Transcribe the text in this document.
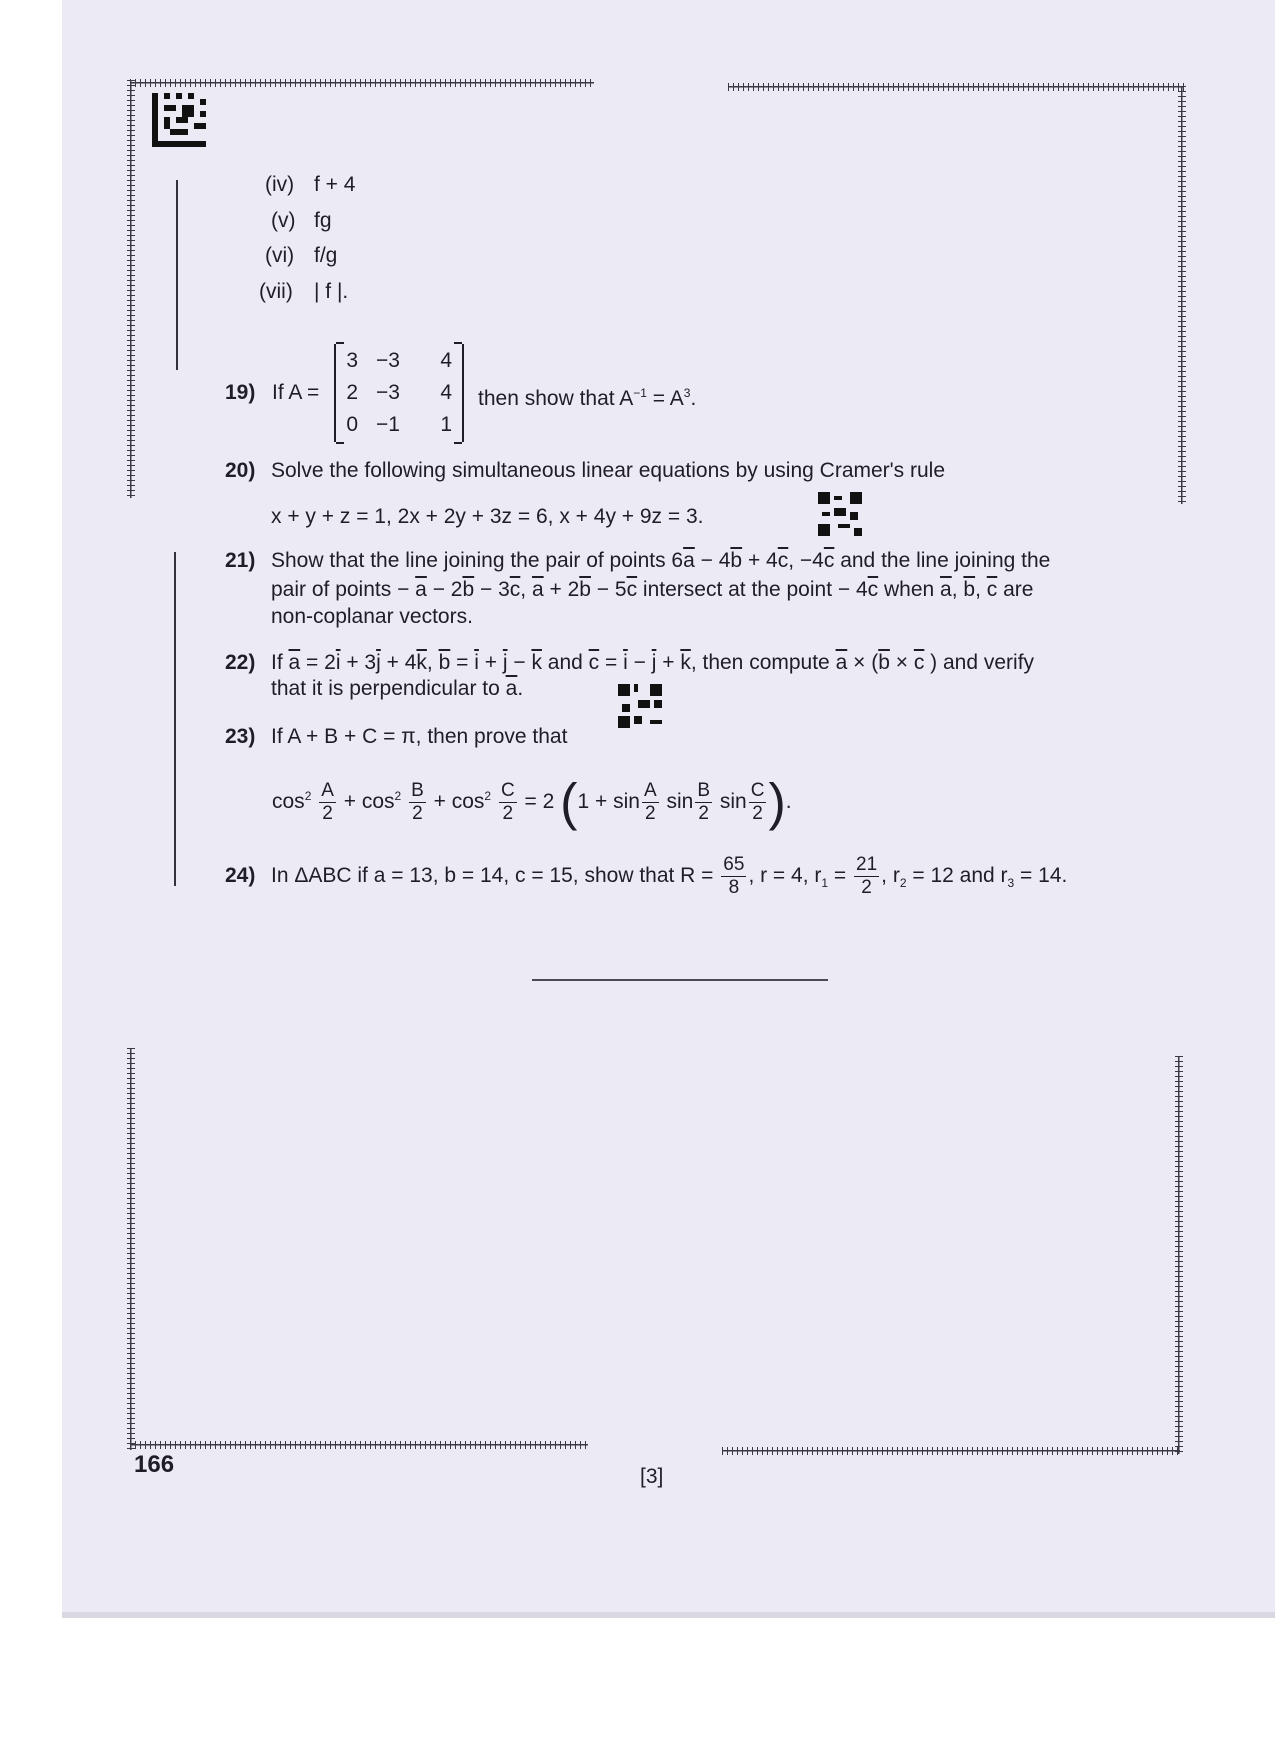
(iv) f + 4
(v) fg
(vi) f/g
(vii) | f |.
19) If A =
3 −3	4
2 −3	4
0 −1	1
then show that $A^{-1} = A^3$.
20) Solve the following simultaneous linear equations by using Cramer's rule
x + y + z = 1, 2x + 2y + 3z = 6, x + 4y + 9z = 3.
21) Show that the line joining the pair of points $6\overline{a} - 4\overline{b} + 4\overline{c}$, $-4\overline{c}$ and the line joining the
pair of points − $\overline{a} - 2\overline{b} - 3\overline{c}$, $\overline{a} + 2\overline{b} - 5\overline{c}$ intersect at the point − $4\overline{c}$ when $\overline{a}$, $\overline{b}$, $\overline{c}$ are
non-coplanar vectors.
22) If $\overline{a} = 2\overline{i} + 3\overline{j} + 4\overline{k}$, $\overline{b} = \overline{i} + \overline{j} - \overline{k}$ and $\overline{c} = \overline{i} - \overline{j} + \overline{k}$, then compute $\overline{a} \times (\overline{b} \times \overline{c}$ ) and verify
that it is perpendicular to $\overline{a}$.
23) If A + B + C = π, then prove that
$\cos^2 \frac{A}{2} + \cos^2 \frac{B}{2} + \cos^2 \frac{C}{2} = 2$ ($1 + \sin \frac{A}{2}$ $\sin \frac{B}{2}$ $\sin \frac{C}{2}$ ).
24) In ΔABC if a = 13, b = 14, c = 15, show that $R = \frac{65}{8}$ , r = 4, $r_1 = \frac{21}{2}$ , $r_2 = 12$ and $r_3 = 14$.
166	[3]
